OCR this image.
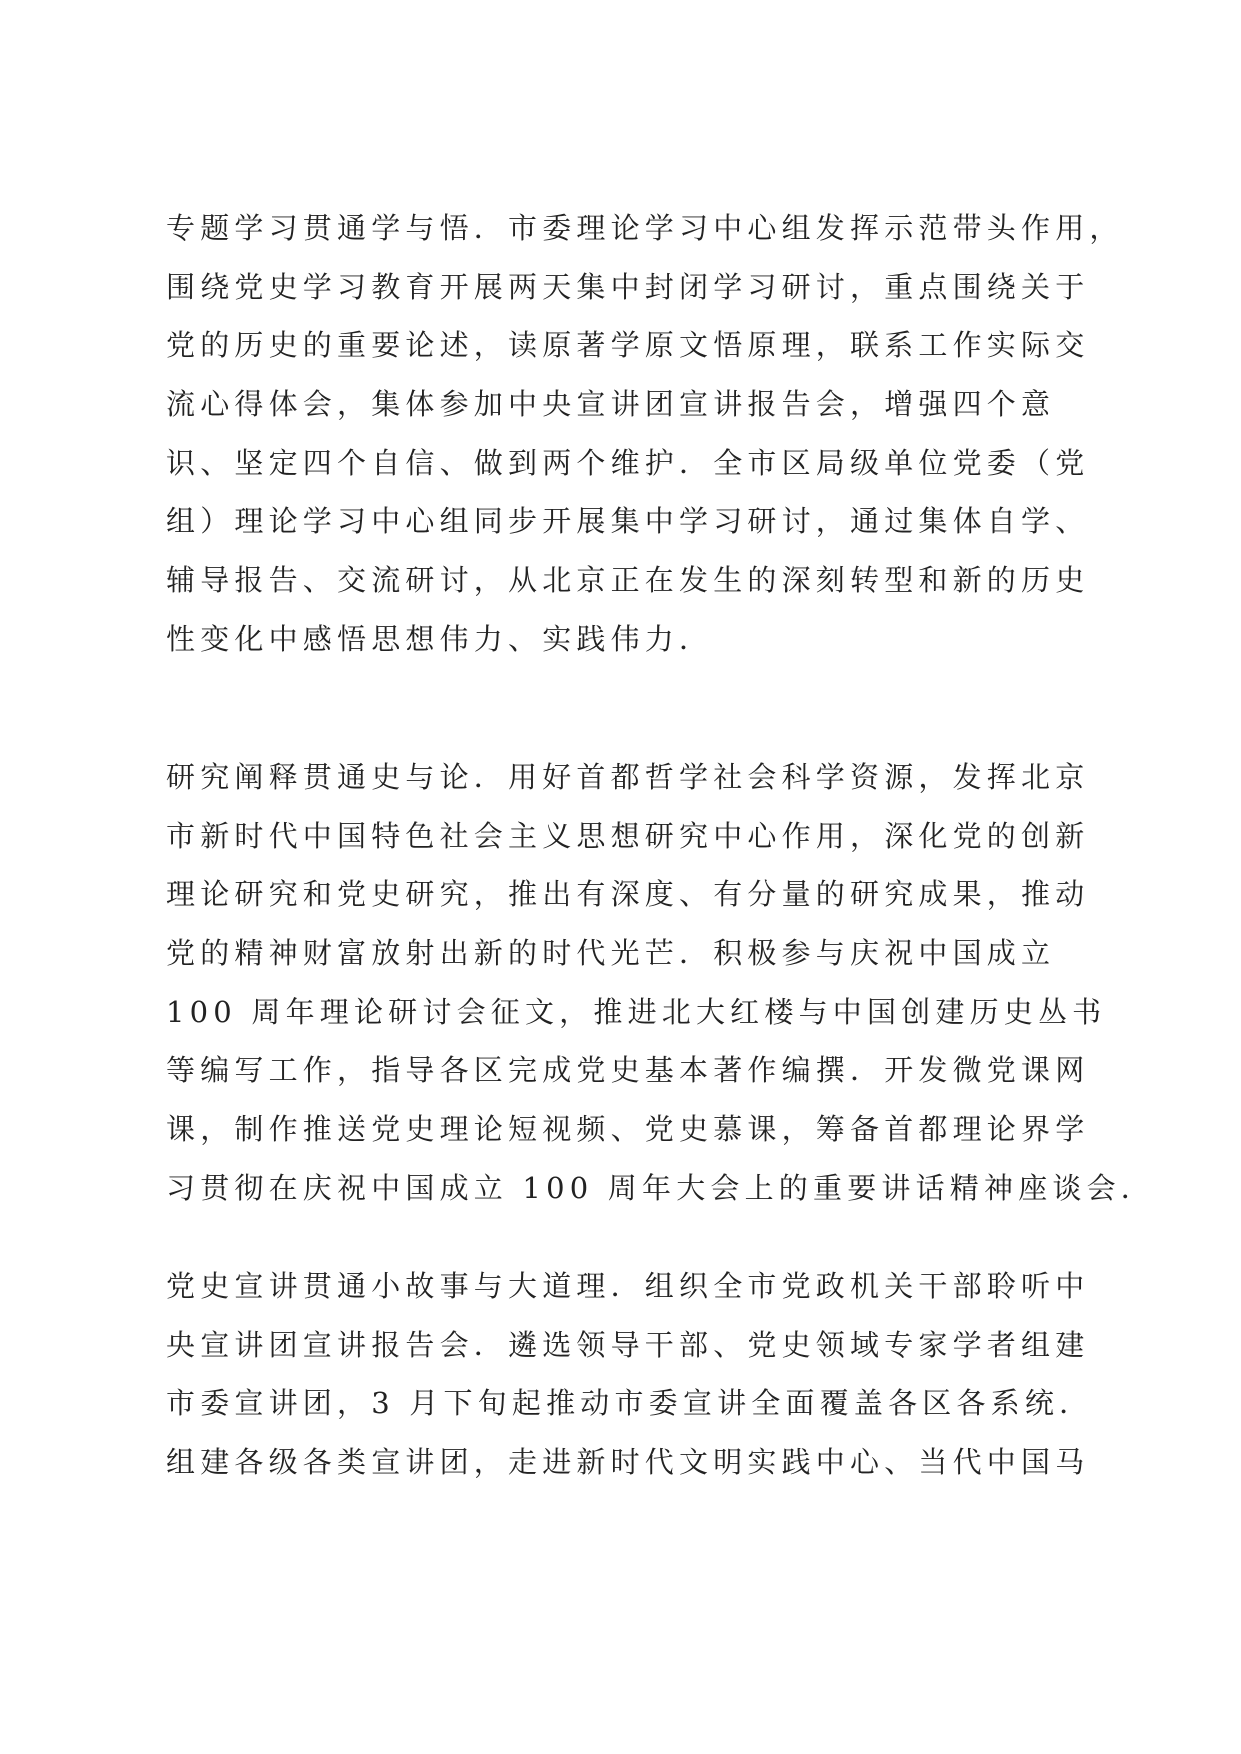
专题学习贯通学与悟．市委理论学习中心组发挥示范带头作用，
围绕党史学习教育开展两天集中封闭学习研讨，重点围绕关于
党的历史的重要论述，读原著学原文悟原理，联系工作实际交
流心得体会，集体参加中央宣讲团宣讲报告会，增强四个意
识、坚定四个自信、做到两个维护．全市区局级单位党委（党
组）理论学习中心组同步开展集中学习研讨，通过集体自学、
辅导报告、交流研讨，从北京正在发生的深刻转型和新的历史
性变化中感悟思想伟力、实践伟力．
研究阐释贯通史与论．用好首都哲学社会科学资源，发挥北京
市新时代中国特色社会主义思想研究中心作用，深化党的创新
理论研究和党史研究，推出有深度、有分量的研究成果，推动
党的精神财富放射出新的时代光芒．积极参与庆祝中国成立
100 周年理论研讨会征文，推进北大红楼与中国创建历史丛书
等编写工作，指导各区完成党史基本著作编撰．开发微党课网
课，制作推送党史理论短视频、党史慕课，筹备首都理论界学
习贯彻在庆祝中国成立 100 周年大会上的重要讲话精神座谈会．
党史宣讲贯通小故事与大道理．组织全市党政机关干部聆听中
央宣讲团宣讲报告会．遴选领导干部、党史领域专家学者组建
市委宣讲团，3 月下旬起推动市委宣讲全面覆盖各区各系统．
组建各级各类宣讲团，走进新时代文明实践中心、当代中国马
